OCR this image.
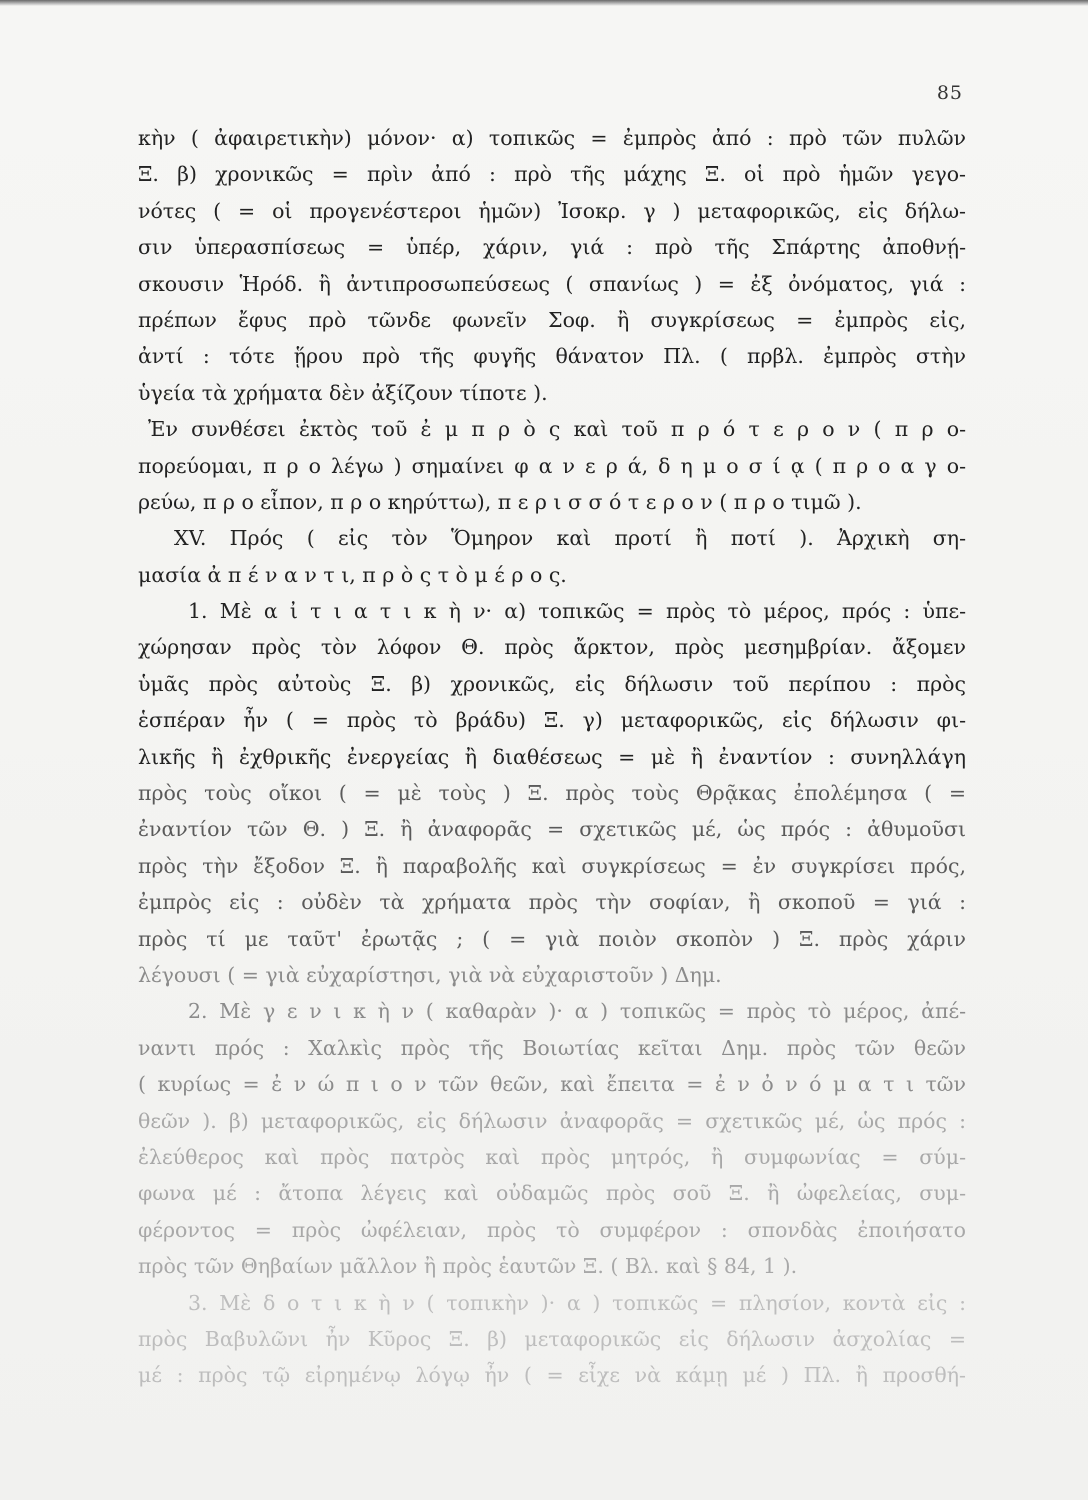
85
κὴν ( ἀφαιρετικὴν) μόνον· α) τοπικῶς = ἐμπρὸς ἀπό : πρὸ τῶν πυλῶν
Ξ. β) χρονικῶς = πρὶν ἀπό : πρὸ τῆς μάχης Ξ. οἱ πρὸ ἡμῶν γεγο-
νότες ( = οἱ προγενέστεροι ἡμῶν) Ἰσοκρ. γ ) μεταφορικῶς, εἰς δήλω-
σιν ὑπερασπίσεως = ὑπέρ, χάριν, γιά : πρὸ τῆς Σπάρτης ἀποθνῄ-
σκουσιν Ἡρόδ. ἢ ἀντιπροσωπεύσεως ( σπανίως ) = ἐξ ὀνόματος, γιά :
πρέπων ἔφυς πρὸ τῶνδε φωνεῖν Σοφ. ἢ συγκρίσεως = ἐμπρὸς εἰς,
ἀντί : τότε ᾕρου πρὸ τῆς φυγῆς θάνατον Πλ. ( πρβλ. ἐμπρὸς στὴν
ὑγεία τὰ χρήματα δὲν ἀξίζουν τίποτε ).
Ἐν συνθέσει ἐκτὸς τοῦ ἐ μ π ρ ὸ ς καὶ τοῦ π ρ ό τ ε ρ ο ν ( π ρ ο-
πορεύομαι, π ρ ο λέγω ) σημαίνει φ α ν ε ρ ά, δ η μ ο σ ί ᾳ ( π ρ ο α γ ο-
ρεύω, π ρ ο εἶπον, π ρ ο κηρύττω), π ε ρ ι σ σ ό τ ε ρ ο ν ( π ρ ο τιμῶ ).
XV. Πρός ( εἰς τὸν Ὅμηρον καὶ προτί ἢ ποτί ). Ἀρχικὴ ση-
μασία ἀ π έ ν α ν τ ι, π ρ ὸ ς τ ὸ μ έ ρ ο ς.
1. Μὲ α ἰ τ ι α τ ι κ ὴ ν· α) τοπικῶς = πρὸς τὸ μέρος, πρός : ὑπε-
χώρησαν πρὸς τὸν λόφον Θ. πρὸς ἄρκτον, πρὸς μεσημβρίαν. ἄξομεν
ὑμᾶς πρὸς αὐτοὺς Ξ. β) χρονικῶς, εἰς δήλωσιν τοῦ περίπου : πρὸς
ἑσπέραν ἦν ( = πρὸς τὸ βράδυ) Ξ. γ) μεταφορικῶς, εἰς δήλωσιν φι-
λικῆς ἢ ἐχθρικῆς ἐνεργείας ἢ διαθέσεως = μὲ ἢ ἐναντίον : συνηλλάγη
πρὸς τοὺς οἴκοι ( = μὲ τοὺς ) Ξ. πρὸς τοὺς Θρᾷκας ἐπολέμησα ( =
ἐναντίον τῶν Θ. ) Ξ. ἢ ἀναφορᾶς = σχετικῶς μέ, ὡς πρός : ἀθυμοῦσι
πρὸς τὴν ἔξοδον Ξ. ἢ παραβολῆς καὶ συγκρίσεως = ἐν συγκρίσει πρός,
ἐμπρὸς εἰς : οὐδὲν τὰ χρήματα πρὸς τὴν σοφίαν, ἢ σκοποῦ = γιά :
πρὸς τί με ταῦτ' ἐρωτᾷς ; ( = γιὰ ποιὸν σκοπὸν ) Ξ. πρὸς χάριν
λέγουσι ( = γιὰ εὐχαρίστησι, γιὰ νὰ εὐχαριστοῦν ) Δημ.
2. Μὲ γ ε ν ι κ ὴ ν ( καθαρὰν )· α ) τοπικῶς = πρὸς τὸ μέρος, ἀπέ-
ναντι πρός : Χαλκὶς πρὸς τῆς Βοιωτίας κεῖται Δημ. πρὸς τῶν θεῶν
( κυρίως = ἐ ν ώ π ι ο ν τῶν θεῶν, καὶ ἔπειτα = ἐ ν ὀ ν ό μ α τ ι τῶν
θεῶν ). β) μεταφορικῶς, εἰς δήλωσιν ἀναφορᾶς = σχετικῶς μέ, ὡς πρός :
ἐλεύθερος καὶ πρὸς πατρὸς καὶ πρὸς μητρός, ἢ συμφωνίας = σύμ-
φωνα μέ : ἄτοπα λέγεις καὶ οὐδαμῶς πρὸς σοῦ Ξ. ἢ ὠφελείας, συμ-
φέροντος = πρὸς ὠφέλειαν, πρὸς τὸ συμφέρον : σπονδὰς ἐποιήσατο
πρὸς τῶν Θηβαίων μᾶλλον ἢ πρὸς ἑαυτῶν Ξ. ( Βλ. καὶ § 84, 1 ).
3. Μὲ δ ο τ ι κ ὴ ν ( τοπικὴν )· α ) τοπικῶς = πλησίον, κοντὰ εἰς :
πρὸς Βαβυλῶνι ἦν Κῦρος Ξ. β) μεταφορικῶς εἰς δήλωσιν ἀσχολίας =
μέ : πρὸς τῷ εἰρημένῳ λόγῳ ἦν ( = εἶχε νὰ κάμῃ μέ ) Πλ. ἢ προσθή-
